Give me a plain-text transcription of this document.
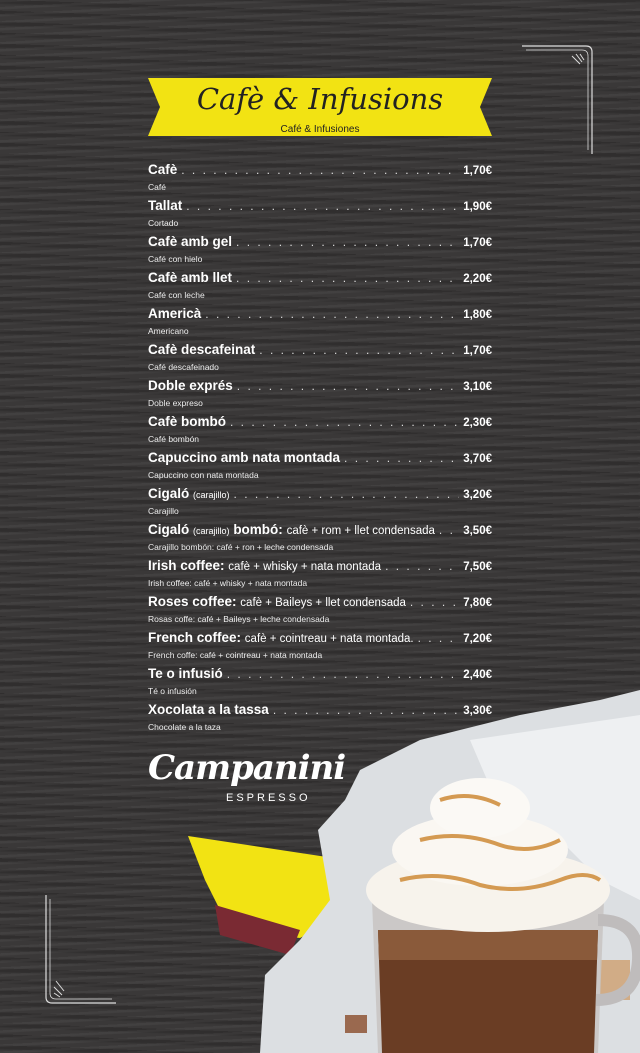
Cafè & Infusions
Café & Infusiones
Cafè . . .	1,70€
Café
Tallat . . .	1,90€
Cortado
Cafè amb gel . . .	1,70€
Café con hielo
Cafè amb llet . . .	2,20€
Café con leche
Americà . . .	1,80€
Americano
Cafè descafeinat . . .	1,70€
Café descafeinado
Doble exprés . . .	3,10€
Doble expreso
Cafè bombó . . .	2,30€
Café bombón
Capuccino amb nata montada . . .	3,70€
Capuccino con nata montada
Cigaló (carajillo) . . .	3,20€
Carajillo
Cigaló (carajillo) bombó: cafè + rom + llet condensada . . . 3,50€
Carajillo bombón: café + ron + leche condensada
Irish coffee: cafè + whisky + nata montada . . .	7,50€
Irish coffee: café + whisky + nata montada
Roses coffee: cafè + Baileys + llet condensada . . .	7,80€
Rosas coffe: café + Baileys + leche condensada
French coffee: cafè + cointreau + nata montada. . . .	7,20€
French coffe: café + cointreau + nata montada
Te o infusió . . .	2,40€
Té o infusión
Xocolata a la tassa . . .	3,30€
Chocolate a la taza
Campanini
ESPRESSO
